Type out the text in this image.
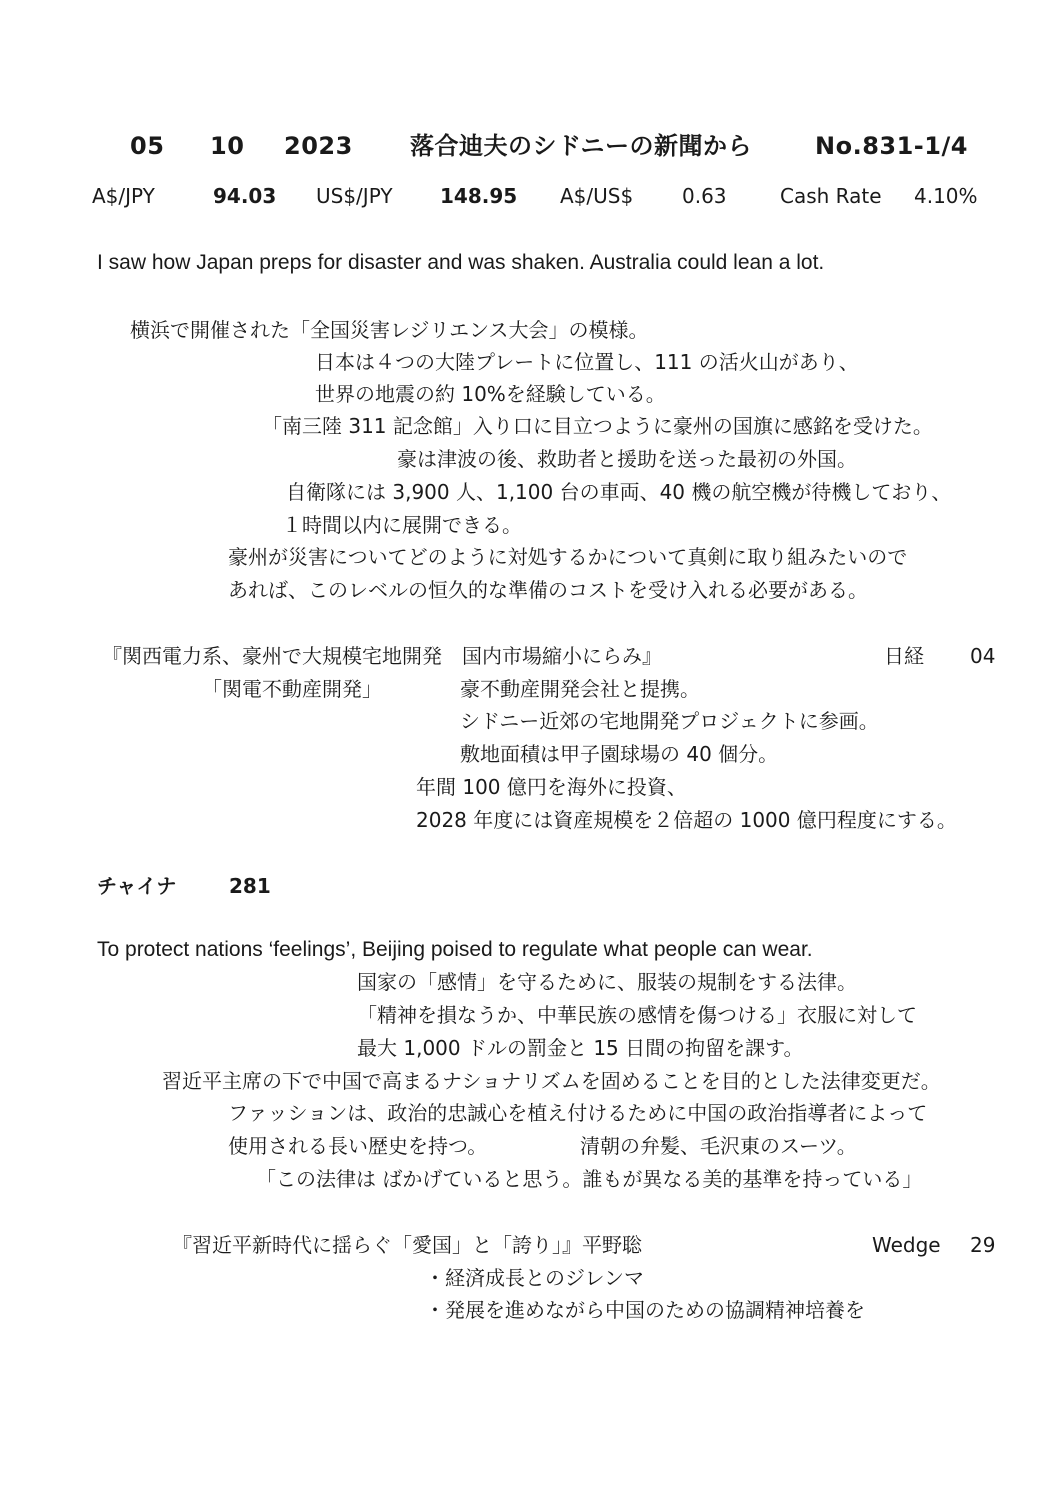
05 10 2023 落合迪夫のシドニーの新聞から	No.831-1/4
A$/JPY	94.03 US$/JPY 148.95 A$/US$ 0.63	Cash Rate 4.10%
I saw how Japan preps for disaster and was shaken. Australia could lean a lot.
横浜で開催された「全国災害レジリエンス大会」の模様。
日本は４つの大陸プレートに位置し、111 の活火山があり、
世界の地震の約 10%を経験している。
「南三陸 311 記念館」入り口に目立つように豪州の国旗に感銘を受けた。
豪は津波の後、救助者と援助を送った最初の外国。
自衛隊には 3,900 人、1,100 台の車両、40 機の航空機が待機しており、
１時間以内に展開できる。
豪州が災害についてどのように対処するかについて真剣に取り組みたいので
あれば、このレベルの恒久的な準備のコストを受け入れる必要がある。
『関西電力系、豪州で大規模宅地開発　国内市場縮小にらみ』	日経 04
「関電不動産開発」	豪不動産開発会社と提携。
シドニー近郊の宅地開発プロジェクトに参画。
敷地面積は甲子園球場の 40 個分。
年間 100 億円を海外に投資、
2028 年度には資産規模を２倍超の 1000 億円程度にする。
チャイナ	281
To protect nations ‘feelings’, Beijing poised to regulate what people can wear.
国家の「感情」を守るために、服装の規制をする法律。
「精神を損なうか、中華民族の感情を傷つける」衣服に対して
最大 1,000 ドルの罰金と 15 日間の拘留を課す。
習近平主席の下で中国で高まるナショナリズムを固めることを目的とした法律変更だ。
ファッションは、政治的忠誠心を植え付けるために中国の政治指導者によって
使用される長い歴史を持つ。	清朝の弁髪、毛沢東のスーツ。
「この法律は ばかげていると思う。誰もが異なる美的基準を持っている」
『習近平新時代に揺らぐ「愛国」と「誇り」』平野聡	Wedge 29
・経済成長とのジレンマ
・発展を進めながら中国のための協調精神培養を
